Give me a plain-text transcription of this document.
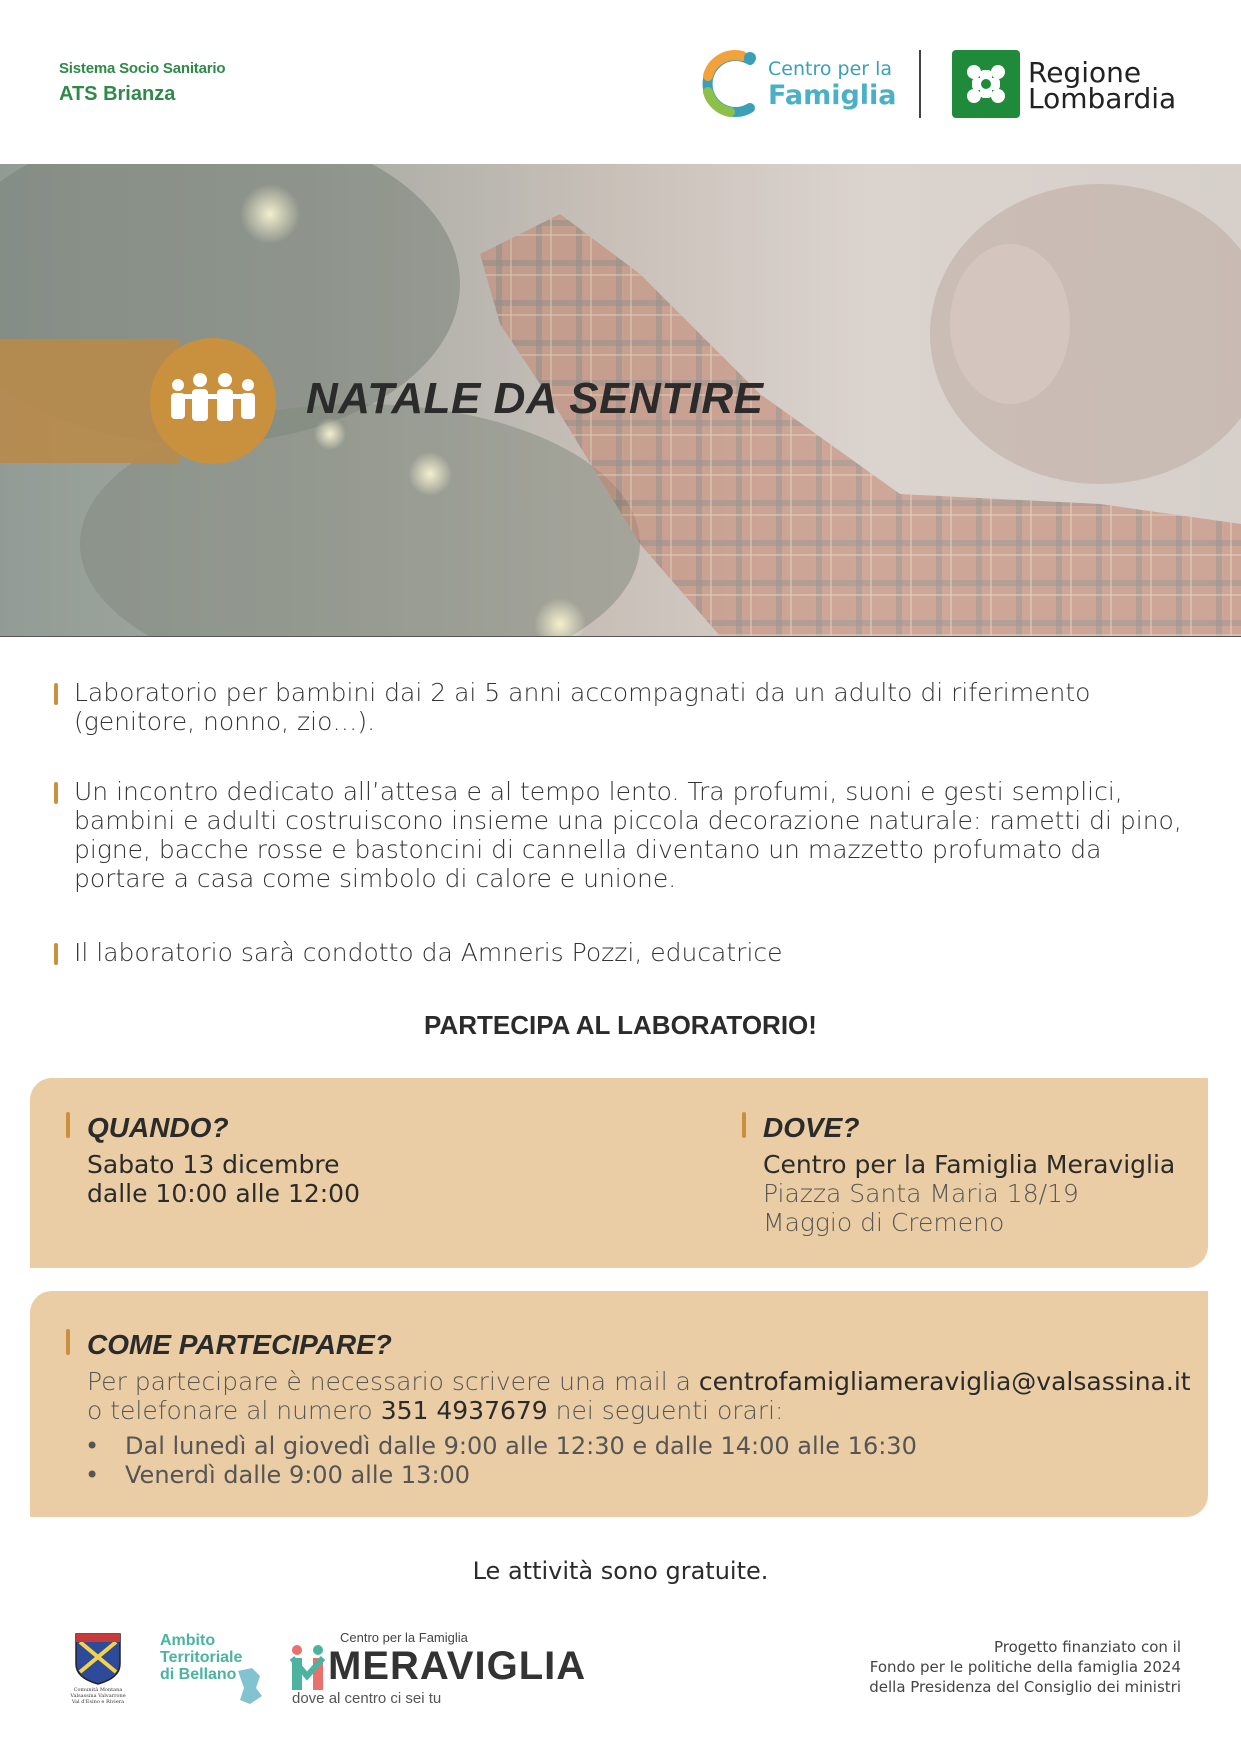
Sistema Socio Sanitario
ATS Brianza
Centro per la
Famiglia
Regione
Lombardia
NATALE DA SENTIRE
Laboratorio per bambini dai 2 ai 5 anni accompagnati da un adulto di riferimento (genitore, nonno, zio…).
Un incontro dedicato all’attesa e al tempo lento. Tra profumi, suoni e gesti semplici, bambini e adulti costruiscono insieme una piccola decorazione naturale: rametti di pino, pigne, bacche rosse e bastoncini di cannella diventano un mazzetto profumato da portare a casa come simbolo di calore e unione.
Il laboratorio sarà condotto da Amneris Pozzi, educatrice
PARTECIPA AL LABORATORIO!
QUANDO?
Sabato 13 dicembre
dalle 10:00 alle 12:00
DOVE?
Centro per la Famiglia Meraviglia
Piazza Santa Maria 18/19
Maggio di Cremeno
COME PARTECIPARE?
Per partecipare è necessario scrivere una mail a centrofamigliameraviglia@valsassina.it
o telefonare al numero 351 4937679 nei seguenti orari:
• Dal lunedì al giovedì dalle 9:00 alle 12:30 e dalle 14:00 alle 16:30
• Venerdì dalle 9:00 alle 13:00
Le attività sono gratuite.
Comunità Montana
Valsassina Valvarrone
Val d'Esino e Riviera
Ambito
Territoriale
di Bellano
Centro per la Famiglia
MERAVIGLIA
dove al centro ci sei tu
Progetto finanziato con il
Fondo per le politiche della famiglia 2024
della Presidenza del Consiglio dei ministri
